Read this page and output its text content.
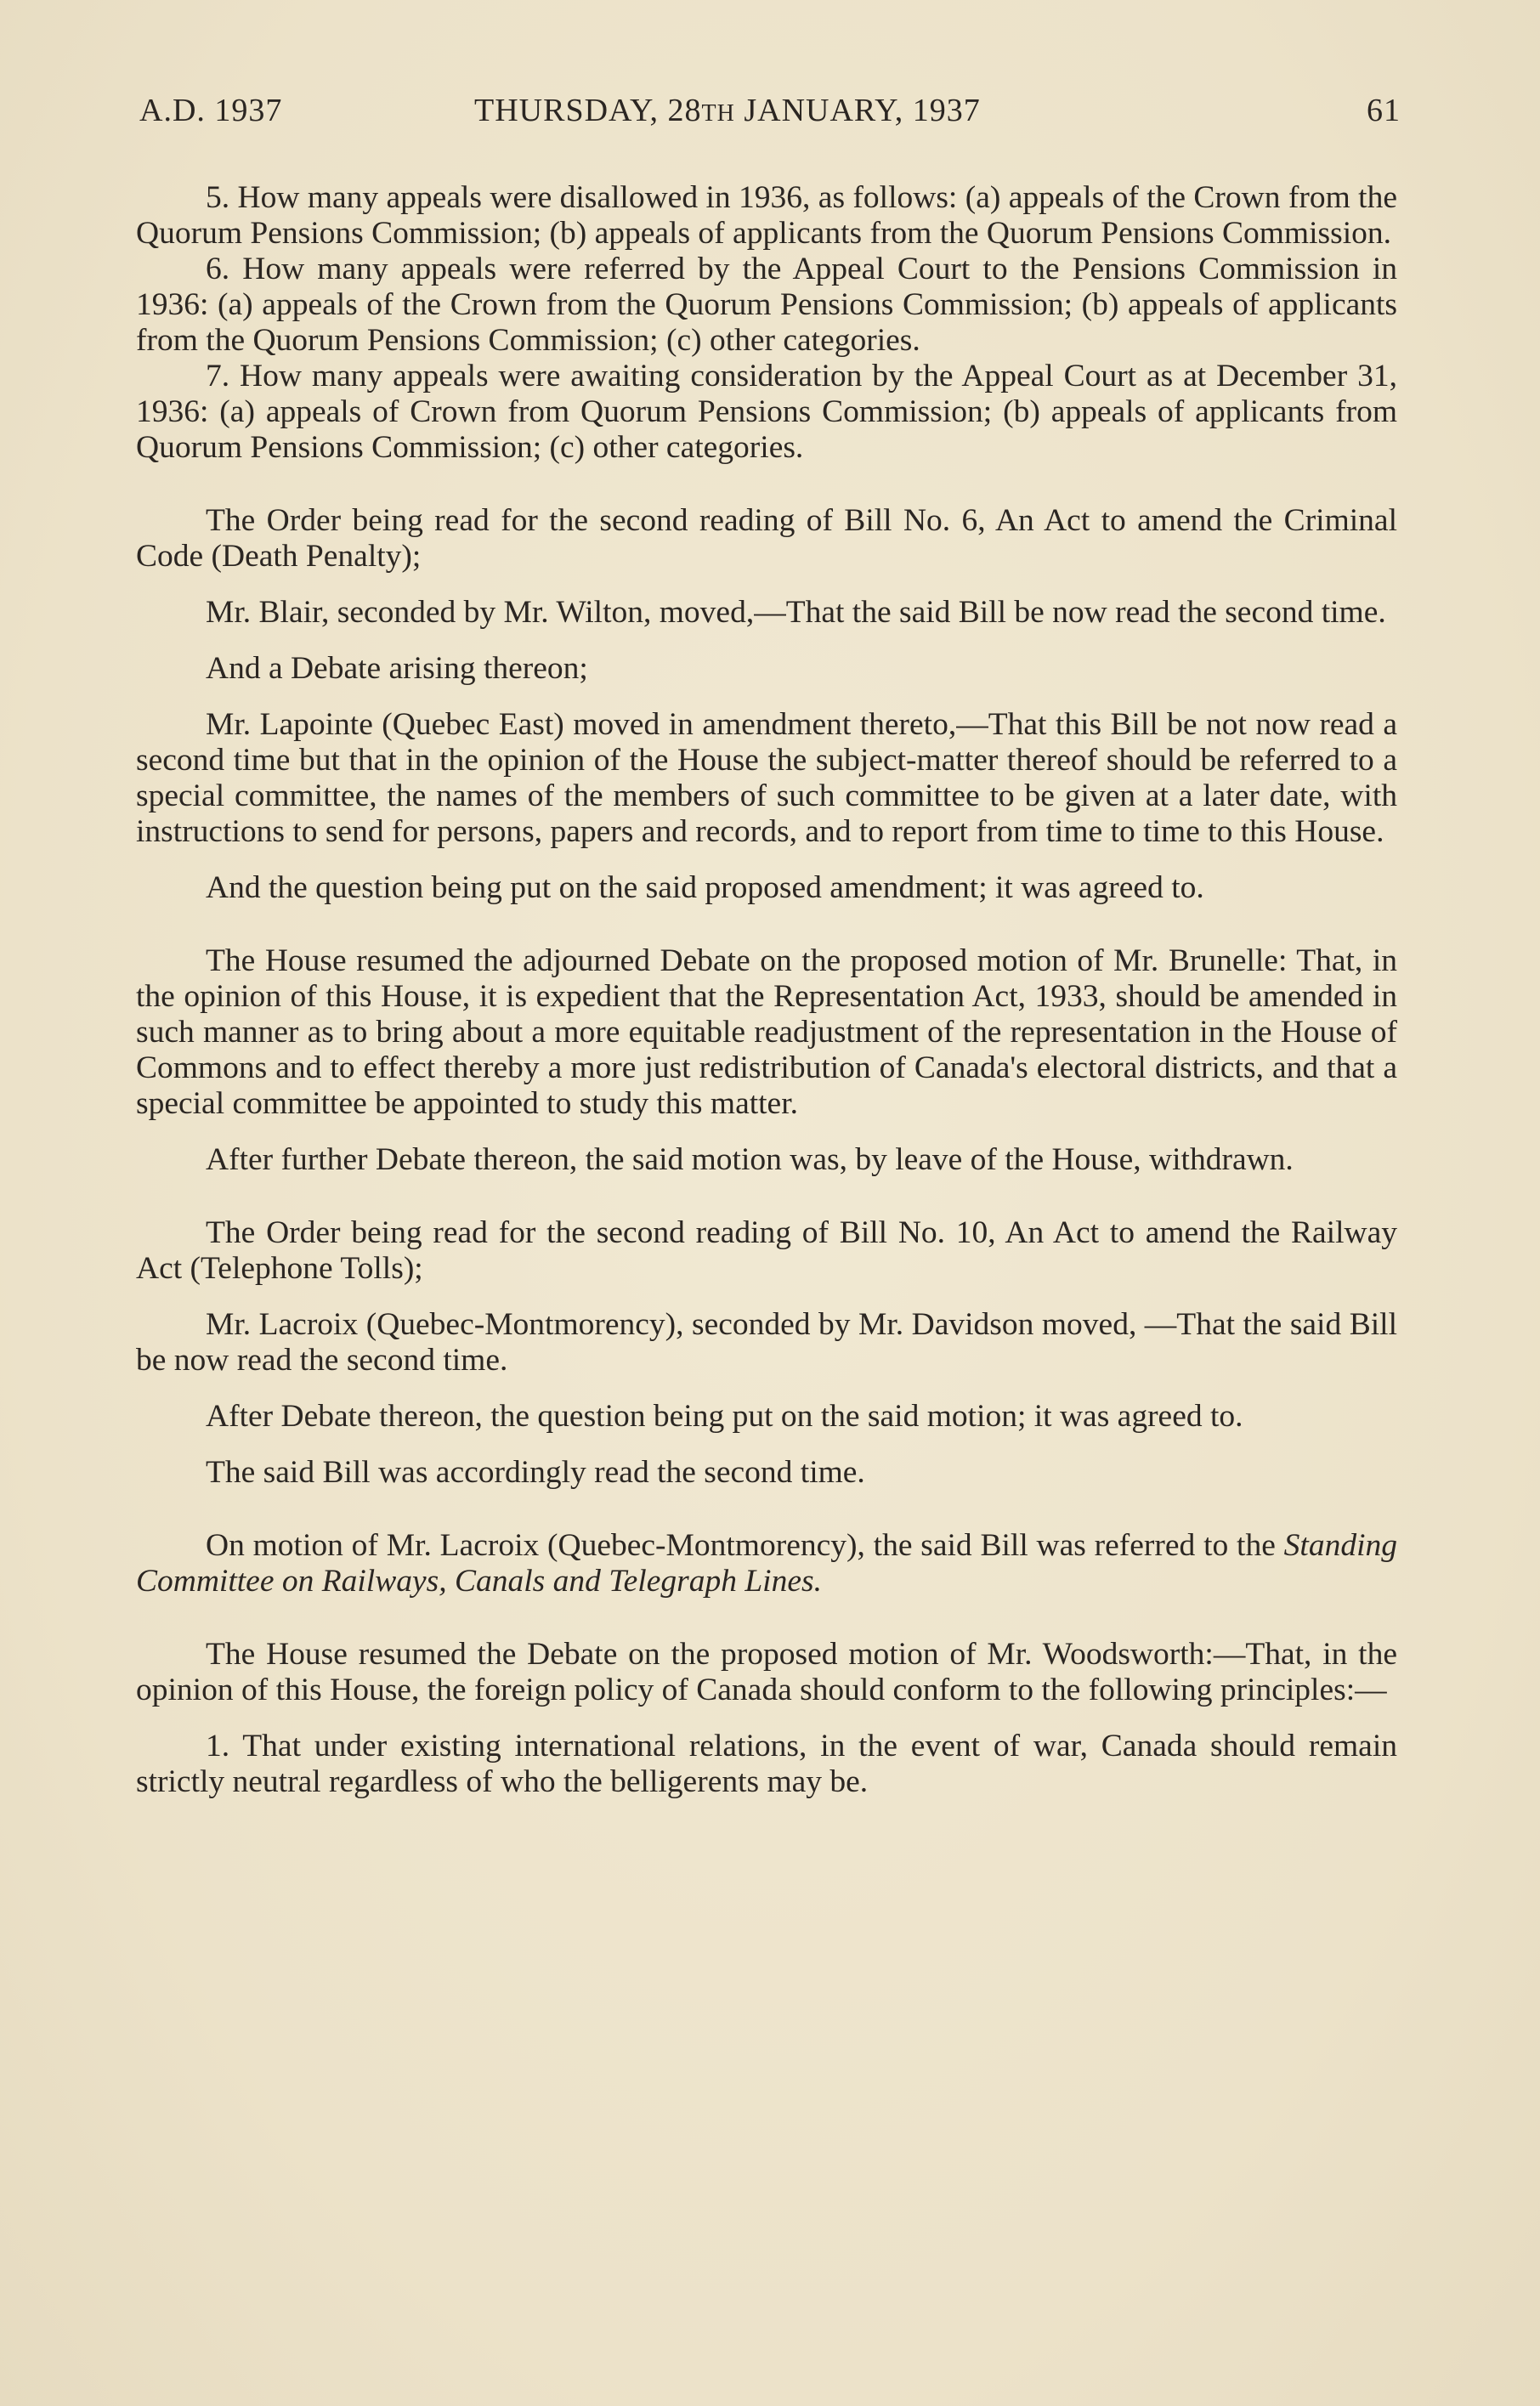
A.D. 1937	THURSDAY, 28TH JANUARY, 1937	61

5. How many appeals were disallowed in 1936, as follows: (a) appeals of the Crown from the Quorum Pensions Commission; (b) appeals of applicants from the Quorum Pensions Commission.

6. How many appeals were referred by the Appeal Court to the Pensions Commission in 1936: (a) appeals of the Crown from the Quorum Pensions Commission; (b) appeals of applicants from the Quorum Pensions Commission; (c) other categories.

7. How many appeals were awaiting consideration by the Appeal Court as at December 31, 1936: (a) appeals of Crown from Quorum Pensions Commission; (b) appeals of applicants from Quorum Pensions Commission; (c) other categories.

The Order being read for the second reading of Bill No. 6, An Act to amend the Criminal Code (Death Penalty);

Mr. Blair, seconded by Mr. Wilton, moved,—That the said Bill be now read the second time.

And a Debate arising thereon;

Mr. Lapointe (Quebec East) moved in amendment thereto,—That this Bill be not now read a second time but that in the opinion of the House the subject-matter thereof should be referred to a special committee, the names of the members of such committee to be given at a later date, with instructions to send for persons, papers and records, and to report from time to time to this House.

And the question being put on the said proposed amendment; it was agreed to.

The House resumed the adjourned Debate on the proposed motion of Mr. Brunelle: That, in the opinion of this House, it is expedient that the Representation Act, 1933, should be amended in such manner as to bring about a more equitable readjustment of the representation in the House of Commons and to effect thereby a more just redistribution of Canada's electoral districts, and that a special committee be appointed to study this matter.

After further Debate thereon, the said motion was, by leave of the House, withdrawn.

The Order being read for the second reading of Bill No. 10, An Act to amend the Railway Act (Telephone Tolls);

Mr. Lacroix (Quebec-Montmorency), seconded by Mr. Davidson moved, —That the said Bill be now read the second time.

After Debate thereon, the question being put on the said motion; it was agreed to.

The said Bill was accordingly read the second time.

On motion of Mr. Lacroix (Quebec-Montmorency), the said Bill was referred to the Standing Committee on Railways, Canals and Telegraph Lines.

The House resumed the Debate on the proposed motion of Mr. Woodsworth:—That, in the opinion of this House, the foreign policy of Canada should conform to the following principles:—

1. That under existing international relations, in the event of war, Canada should remain strictly neutral regardless of who the belligerents may be.
